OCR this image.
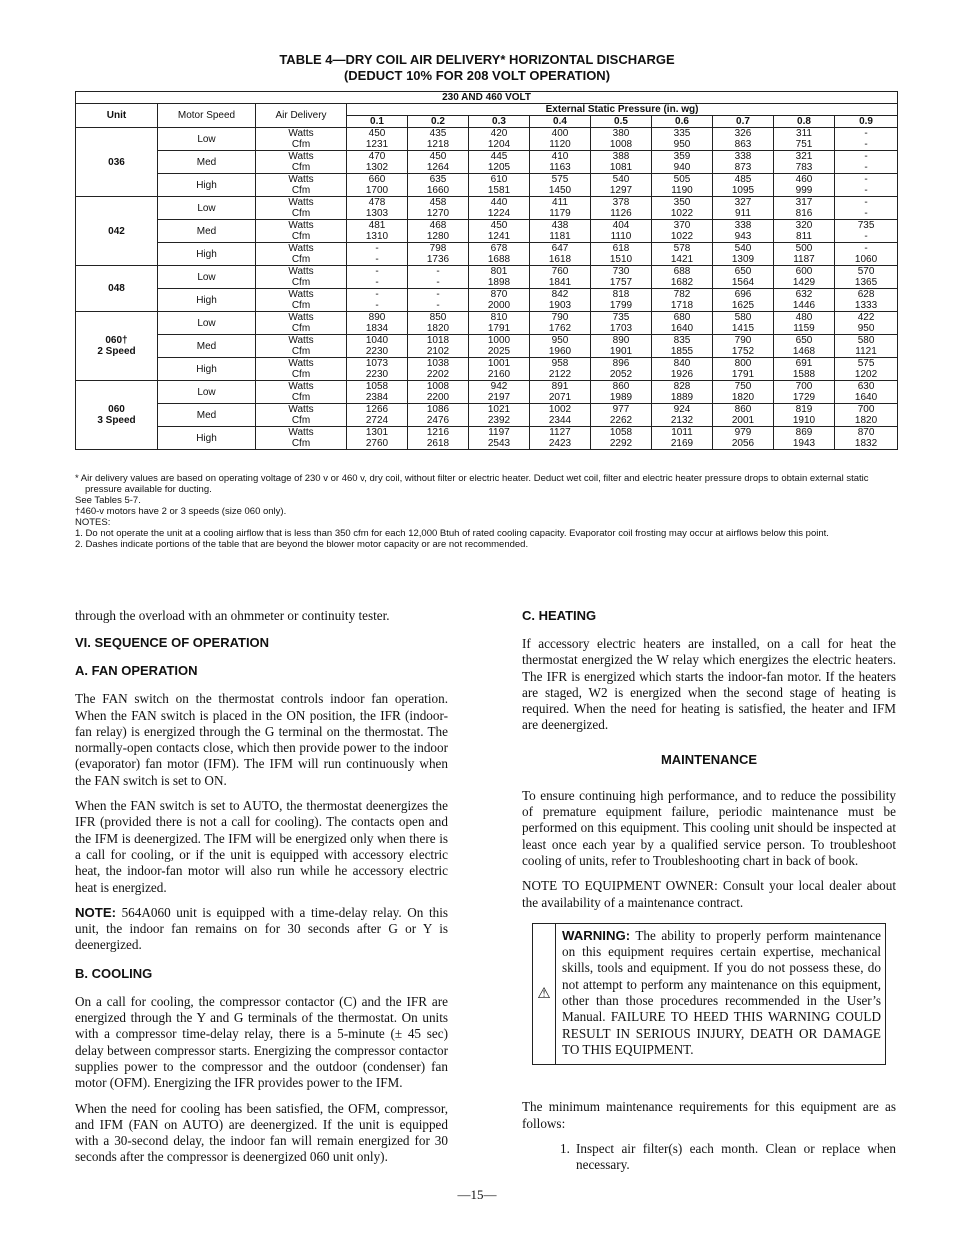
TABLE 4—DRY COIL AIR DELIVERY* HORIZONTAL DISCHARGE
(DEDUCT 10% FOR 208 VOLT OPERATION)
230 AND 460 VOLT											
Unit	Motor Speed	Air Delivery	External Static Pressure (in. wg)								
			0.1	0.2	0.3	0.4	0.5	0.6	0.7	0.8	0.9
036	Low	Watts	450	435	420	400	380	335	326	311	-
		Cfm	1231	1218	1204	1120	1008	950	863	751	-
	Med	Watts	470	450	445	410	388	359	338	321	-
		Cfm	1302	1264	1205	1163	1081	940	873	783	-
	High	Watts	660	635	610	575	540	505	485	460	-
		Cfm	1700	1660	1581	1450	1297	1190	1095	999	-
042	Low	Watts	478	458	440	411	378	350	327	317	-
		Cfm	1303	1270	1224	1179	1126	1022	911	816	-
	Med	Watts	481	468	450	438	404	370	338	320	735
		Cfm	1310	1280	1241	1181	1110	1022	943	811	-
	High	Watts	-	798	678	647	618	578	540	500	-
		Cfm	-	1736	1688	1618	1510	1421	1309	1187	1060
048	Low	Watts	-	-	801	760	730	688	650	600	570
		Cfm	-	-	1898	1841	1757	1682	1564	1429	1365
	High	Watts	-	-	870	842	818	782	696	632	628
		Cfm	-	-	2000	1903	1799	1718	1625	1446	1333
060†
2 Speed	Low	Watts	890	850	810	790	735	680	580	480	422
		Cfm	1834	1820	1791	1762	1703	1640	1415	1159	950
	Med	Watts	1040	1018	1000	950	890	835	790	650	580
		Cfm	2230	2102	2025	1960	1901	1855	1752	1468	1121
	High	Watts	1073	1038	1001	958	896	840	800	691	575
		Cfm	2230	2202	2160	2122	2052	1926	1791	1588	1202
060
3 Speed	Low	Watts	1058	1008	942	891	860	828	750	700	630
		Cfm	2384	2200	2197	2071	1989	1889	1820	1729	1640
	Med	Watts	1266	1086	1021	1002	977	924	860	819	700
		Cfm	2724	2476	2392	2344	2262	2132	2001	1910	1820
	High	Watts	1301	1216	1197	1127	1058	1011	979	869	870
		Cfm	2760	2618	2543	2423	2292	2169	2056	1943	1832

* Air delivery values are based on operating voltage of 230 v or 460 v, dry coil, without filter or electric heater. Deduct wet coil, filter and electric heater pressure drops to obtain external static pressure available for ducting.

See Tables 5-7.

†460-v motors have 2 or 3 speeds (size 060 only).

NOTES:

1. Do not operate the unit at a cooling airflow that is less than 350 cfm for each 12,000 Btuh of rated cooling capacity. Evaporator coil frosting may occur at airflows below this point.

2. Dashes indicate portions of the table that are beyond the blower motor capacity or are not recommended.

through the overload with an ohmmeter or continuity tester.

VI. SEQUENCE OF OPERATION
A. FAN OPERATION

The FAN switch on the thermostat controls indoor fan operation. When the FAN switch is placed in the ON position, the IFR (indoor-fan relay) is energized through the G terminal on the thermostat. The normally-open contacts close, which then provide power to the indoor (evaporator) fan motor (IFM). The IFM will run continuously when the FAN switch is set to ON.

When the FAN switch is set to AUTO, the thermostat deenergizes the IFR (provided there is not a call for cooling). The contacts open and the IFM is deenergized. The IFM will be energized only when there is a call for cooling, or if the unit is equipped with accessory electric heat, the indoor-fan motor will also run while he accessory electric heat is energized.

NOTE: 564A060 unit is equipped with a time-delay relay. On this unit, the indoor fan remains on for 30 seconds after G or Y is deenergized.

B. COOLING

On a call for cooling, the compressor contactor (C) and the IFR are energized through the Y and G terminals of the thermostat. On units with a compressor time-delay relay, there is a 5-minute (± 45 sec) delay between compressor starts. Energizing the compressor contactor supplies power to the compressor and the outdoor (condenser) fan motor (OFM). Energizing the IFR provides power to the IFM.

When the need for cooling has been satisfied, the OFM, compressor, and IFM (FAN on AUTO) are deenergized. If the unit is equipped with a 30-second delay, the indoor fan will remain energized for 30 seconds after the compressor is deenergized 060 unit only).

C. HEATING

If accessory electric heaters are installed, on a call for heat the thermostat energized the W relay which energizes the electric heaters. The IFR is energized which starts the indoor-fan motor. If the heaters are staged, W2 is energized when the second stage of heating is required. When the need for heating is satisfied, the heater and IFM are deenergized.

MAINTENANCE

To ensure continuing high performance, and to reduce the possibility of premature equipment failure, periodic maintenance must be performed on this equipment. This cooling unit should be inspected at least once each year by a qualified service person. To troubleshoot cooling of units, refer to Troubleshooting chart in back of book.

NOTE TO EQUIPMENT OWNER: Consult your local dealer about the availability of a maintenance contract.

⚠
WARNING: The ability to properly perform maintenance on this equipment requires certain expertise, mechanical skills, tools and equipment. If you do not possess these, do not attempt to perform any maintenance on this equipment, other than those procedures recommended in the User’s Manual. FAILURE TO HEED THIS WARNING COULD RESULT IN SERIOUS INJURY, DEATH OR DAMAGE TO THIS EQUIPMENT.

The minimum maintenance requirements for this equipment are as follows:

1. Inspect air filter(s) each month. Clean or replace when necessary.
—15—
